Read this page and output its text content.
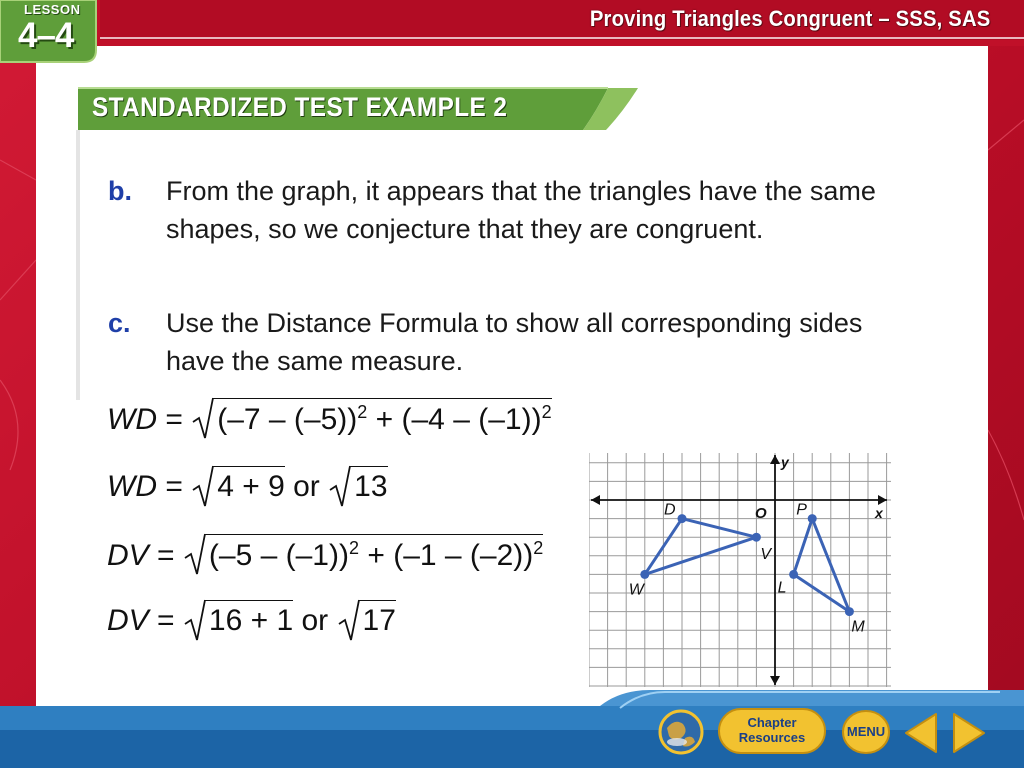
LESSON
4–4	Proving Triangles Congruent – SSS, SAS
STANDARDIZED TEST EXAMPLE 2
b. From the graph, it appears that the triangles have the same shapes, so we conjecture that they are congruent.
c. Use the Distance Formula to show all corresponding sides have the same measure.
WD = (–7 – (–5))$^2$ + (–4 – (–1))$^2$
WD = 4 + 9 or 13
DV = (–5 – (–1))$^2$ + (–1 – (–2))$^2$
DV = 16 + 1 or 17
D
V
W
P
L
M
x
y
O
Chapter Resources	MENU
